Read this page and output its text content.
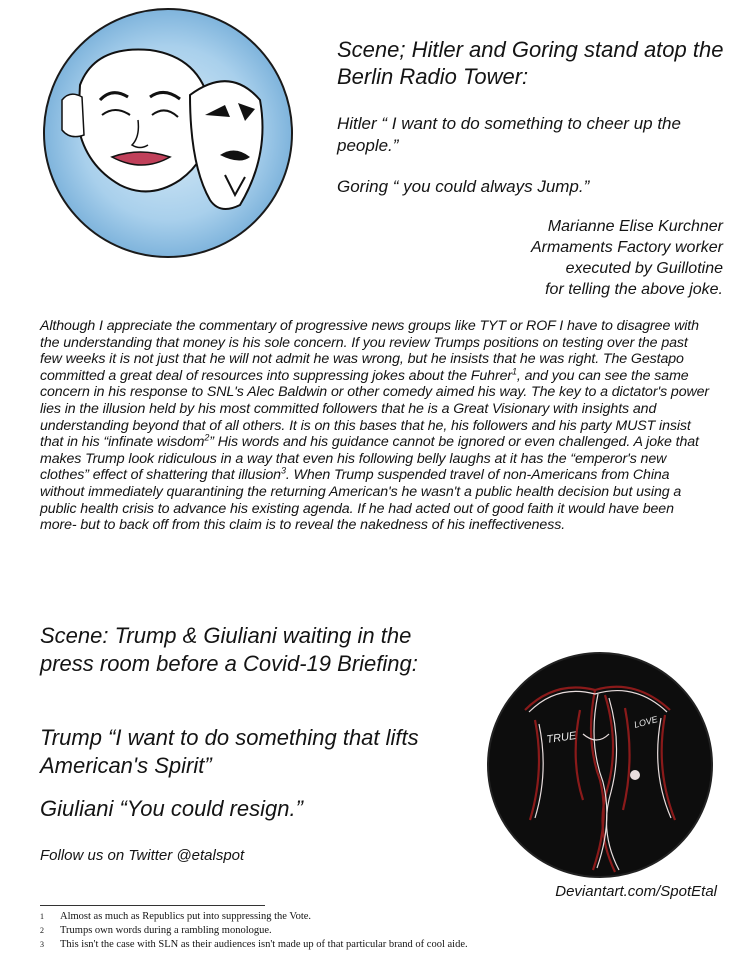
Scene; Hitler and Goring stand atop the Berlin Radio Tower:
Hitler “ I want to do something to cheer up the people.”
Goring “ you could always Jump.”
Marianne Elise Kurchner
Armaments Factory worker
executed by Guillotine
for telling the above joke.
Although I appreciate the commentary of progressive news groups like TYT or ROF I have to disagree with the understanding that money is his sole concern. If you review Trumps positions on testing over the past few weeks it is not just that he will not admit he was wrong, but he insists that he was right. The Gestapo committed a great deal of resources into suppressing jokes about the Fuhrer$^1$, and you can see the same concern in his response to SNL's Alec Baldwin or other comedy aimed his way. The key to a dictator's power lies in the illusion held by his most committed followers that he is a Great Visionary with insights and understanding beyond that of all others. It is on this bases that he, his followers and his party MUST insist that in his “infinate wisdom$^2$” His words and his guidance cannot be ignored or even challenged. A joke that makes Trump look ridiculous in a way that even his following belly laughs at it has the “emperor's new clothes” effect of shattering that illusion$^3$. When Trump suspended travel of non-Americans from China without immediately quarantining the returning American's he wasn't a public health decision but using a public health crisis to advance his existing agenda. If he had acted out of good faith it would have been more- but to back off from this claim is to reveal the nakedness of his ineffectiveness.
Scene: Trump & Giuliani waiting in the press room before a Covid-19 Briefing:
Trump “I want to do something that lifts American's Spirit”
Giuliani “You could resign.”
Follow us on Twitter @etalspot
Deviantart.com/SpotEtal
TRUE
LOVE
1	Almost as much as Republics put into suppressing the Vote.
2	Trumps own words during a rambling monologue.
3	This isn't the case with SLN as their audiences isn't made up of that particular brand of cool aide.
